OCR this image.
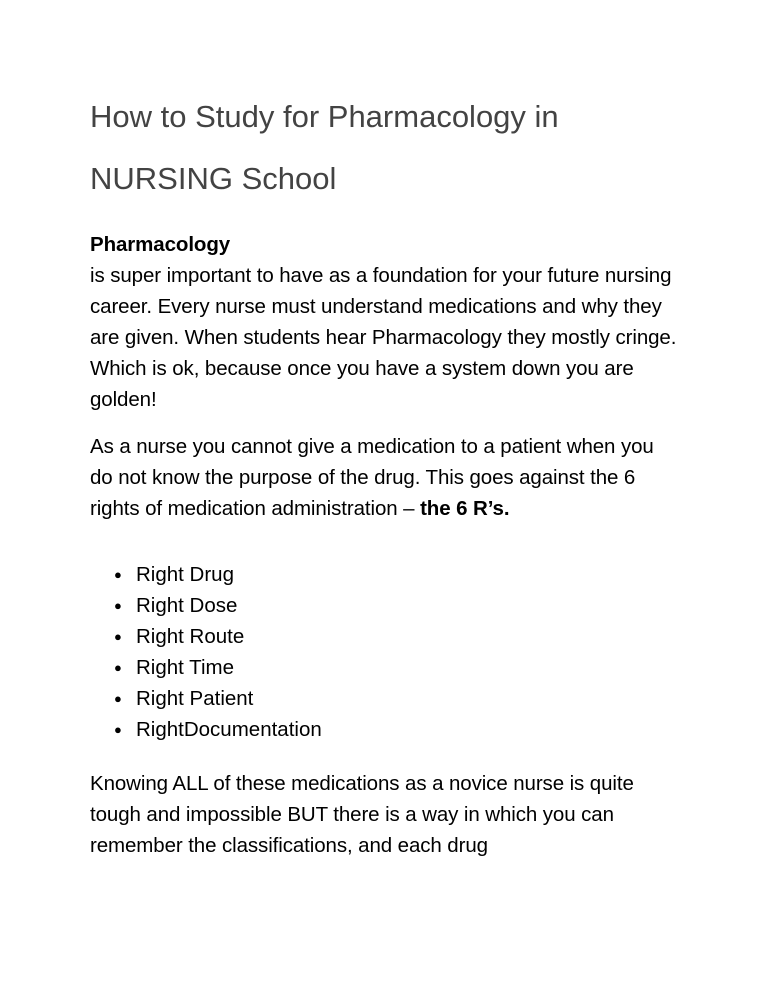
How to Study for Pharmacology in
NURSING School

Pharmacology
is super important to have as a foundation for your future nursing career. Every nurse must understand medications and why they are given. When students hear Pharmacology they mostly cringe. Which is ok, because once you have a system down you are golden!

As a nurse you cannot give a medication to a patient when you do not know the purpose of the drug. This goes against the 6 rights of medication administration – the 6 R’s.

● Right Drug
● Right Dose
● Right Route
● Right Time
● Right Patient
● RightDocumentation

Knowing ALL of these medications as a novice nurse is quite tough and impossible BUT there is a way in which you can remember the classifications, and each drug
